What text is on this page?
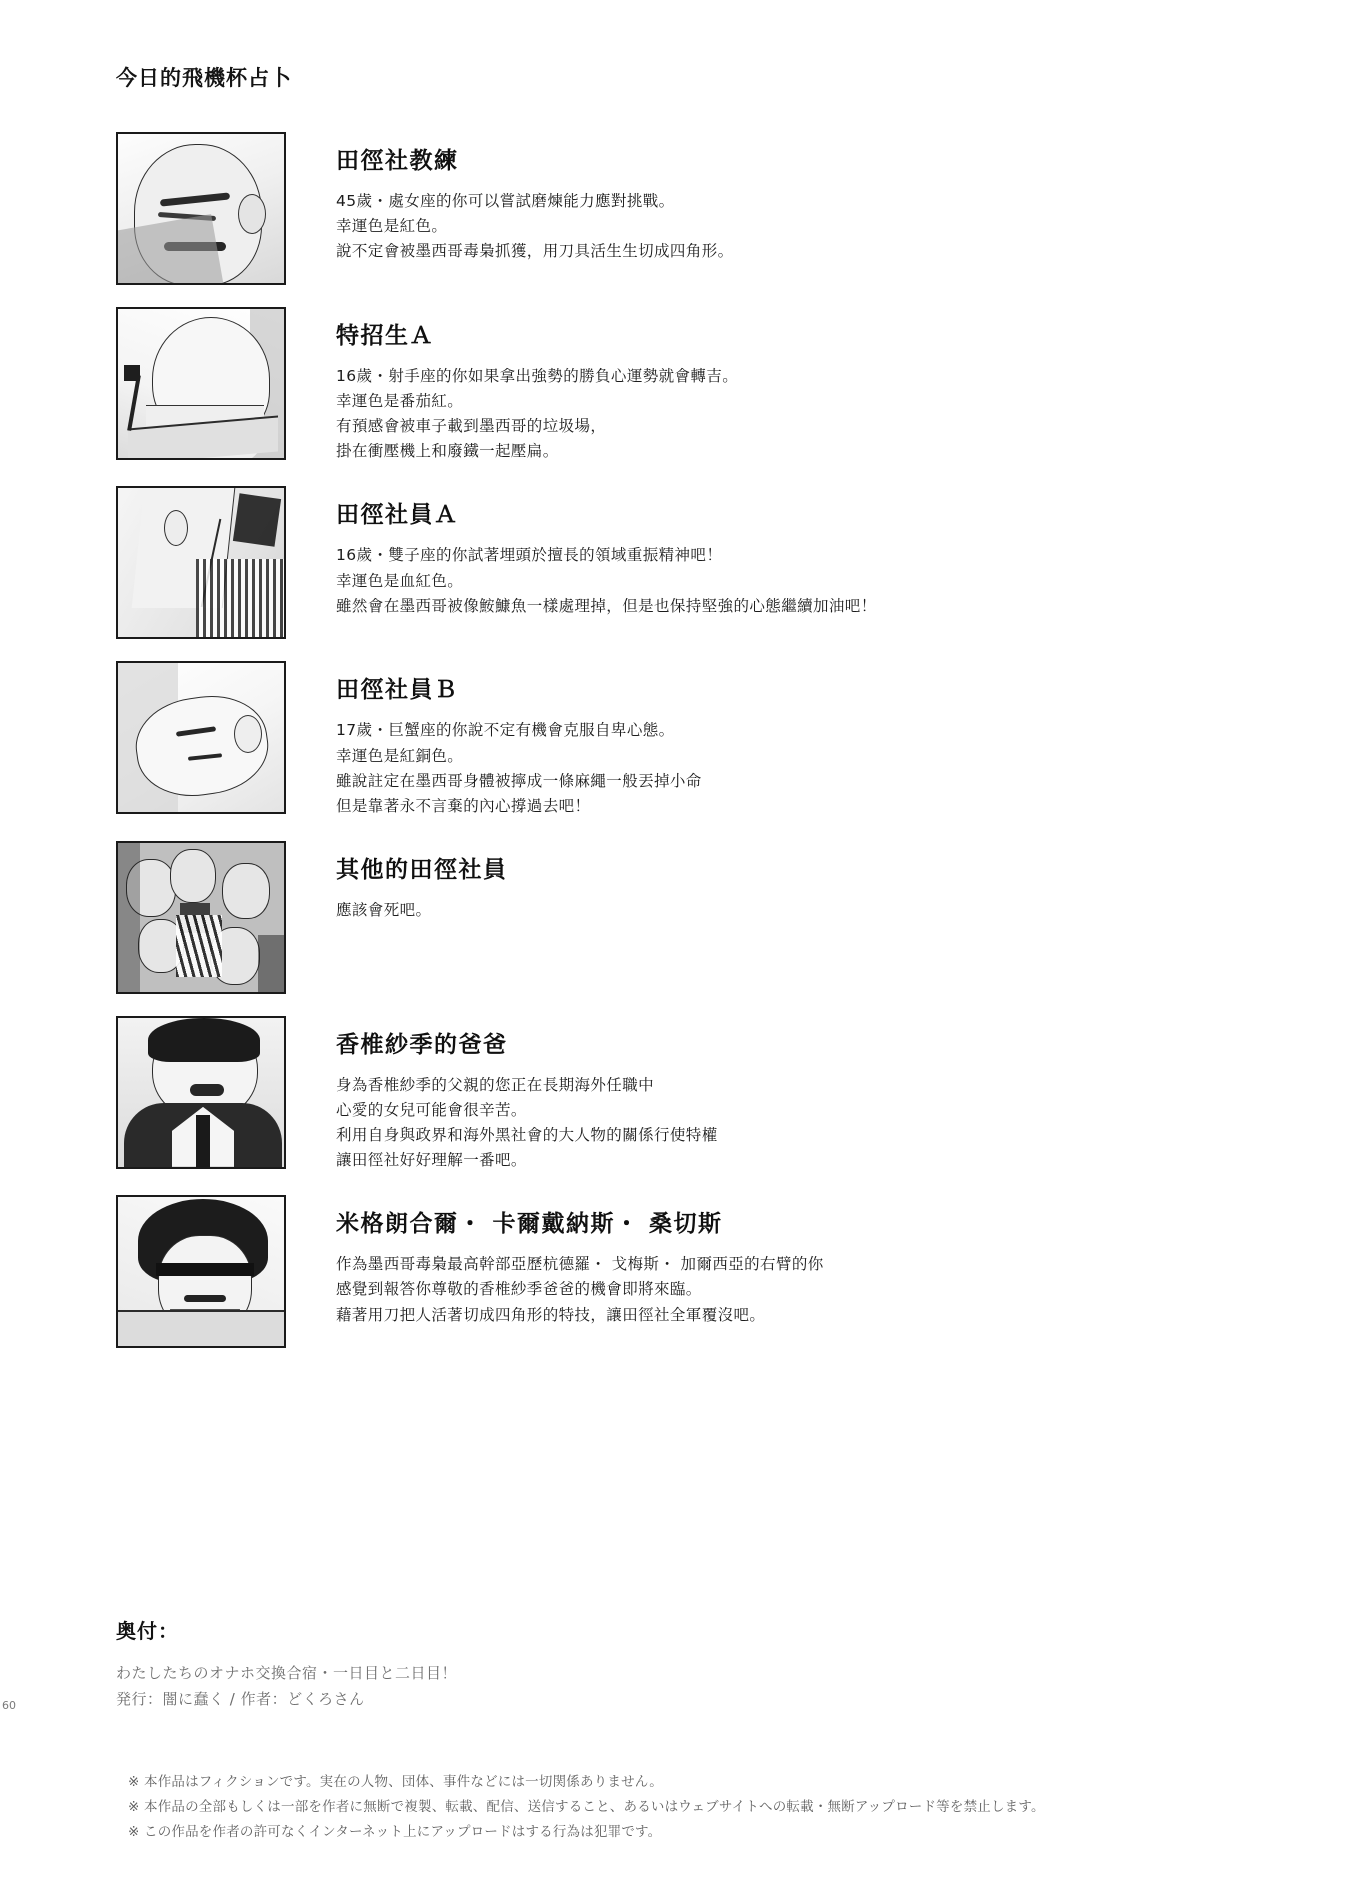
今日的飛機杯占卜
田徑社教練
45歲・處女座的你可以嘗試磨煉能力應對挑戰。
幸運色是紅色。
說不定會被墨西哥毒梟抓獲，用刀具活生生切成四角形。
特招生Ａ
16歲・射手座的你如果拿出強勢的勝負心運勢就會轉吉。
幸運色是番茄紅。
有預感會被車子載到墨西哥的垃圾場，
掛在衝壓機上和廢鐵一起壓扁。
田徑社員Ａ
16歲・雙子座的你試著埋頭於擅長的領域重振精神吧！
幸運色是血紅色。
雖然會在墨西哥被像鮟鱇魚一樣處理掉，但是也保持堅強的心態繼續加油吧！
田徑社員Ｂ
17歲・巨蟹座的你說不定有機會克服自卑心態。
幸運色是紅銅色。
雖說註定在墨西哥身體被擰成一條麻繩一般丟掉小命
但是靠著永不言棄的內心撐過去吧！
其他的田徑社員
應該會死吧。
香椎紗季的爸爸
身為香椎紗季的父親的您正在長期海外任職中
心愛的女兒可能會很辛苦。
利用自身與政界和海外黑社會的大人物的關係行使特權
讓田徑社好好理解一番吧。
米格朗合爾・ 卡爾戴納斯・ 桑切斯
作為墨西哥毒梟最高幹部亞歷杭德羅・ 戈梅斯・ 加爾西亞的右臂的你
感覺到報答你尊敬的香椎紗季爸爸的機會即將來臨。
藉著用刀把人活著切成四角形的特技，讓田徑社全軍覆沒吧。
奥付：
わたしたちのオナホ交換合宿・一日目と二日目！
発行：闇に蠢く / 作者：どくろさん
※ 本作品はフィクションです。実在の人物、団体、事件などには一切関係ありません。
※ 本作品の全部もしくは一部を作者に無断で複製、転載、配信、送信すること、あるいはウェブサイトへの転載・無断アップロード等を禁止します。
※ この作品を作者の許可なくインターネット上にアップロードはする行為は犯罪です。
60
